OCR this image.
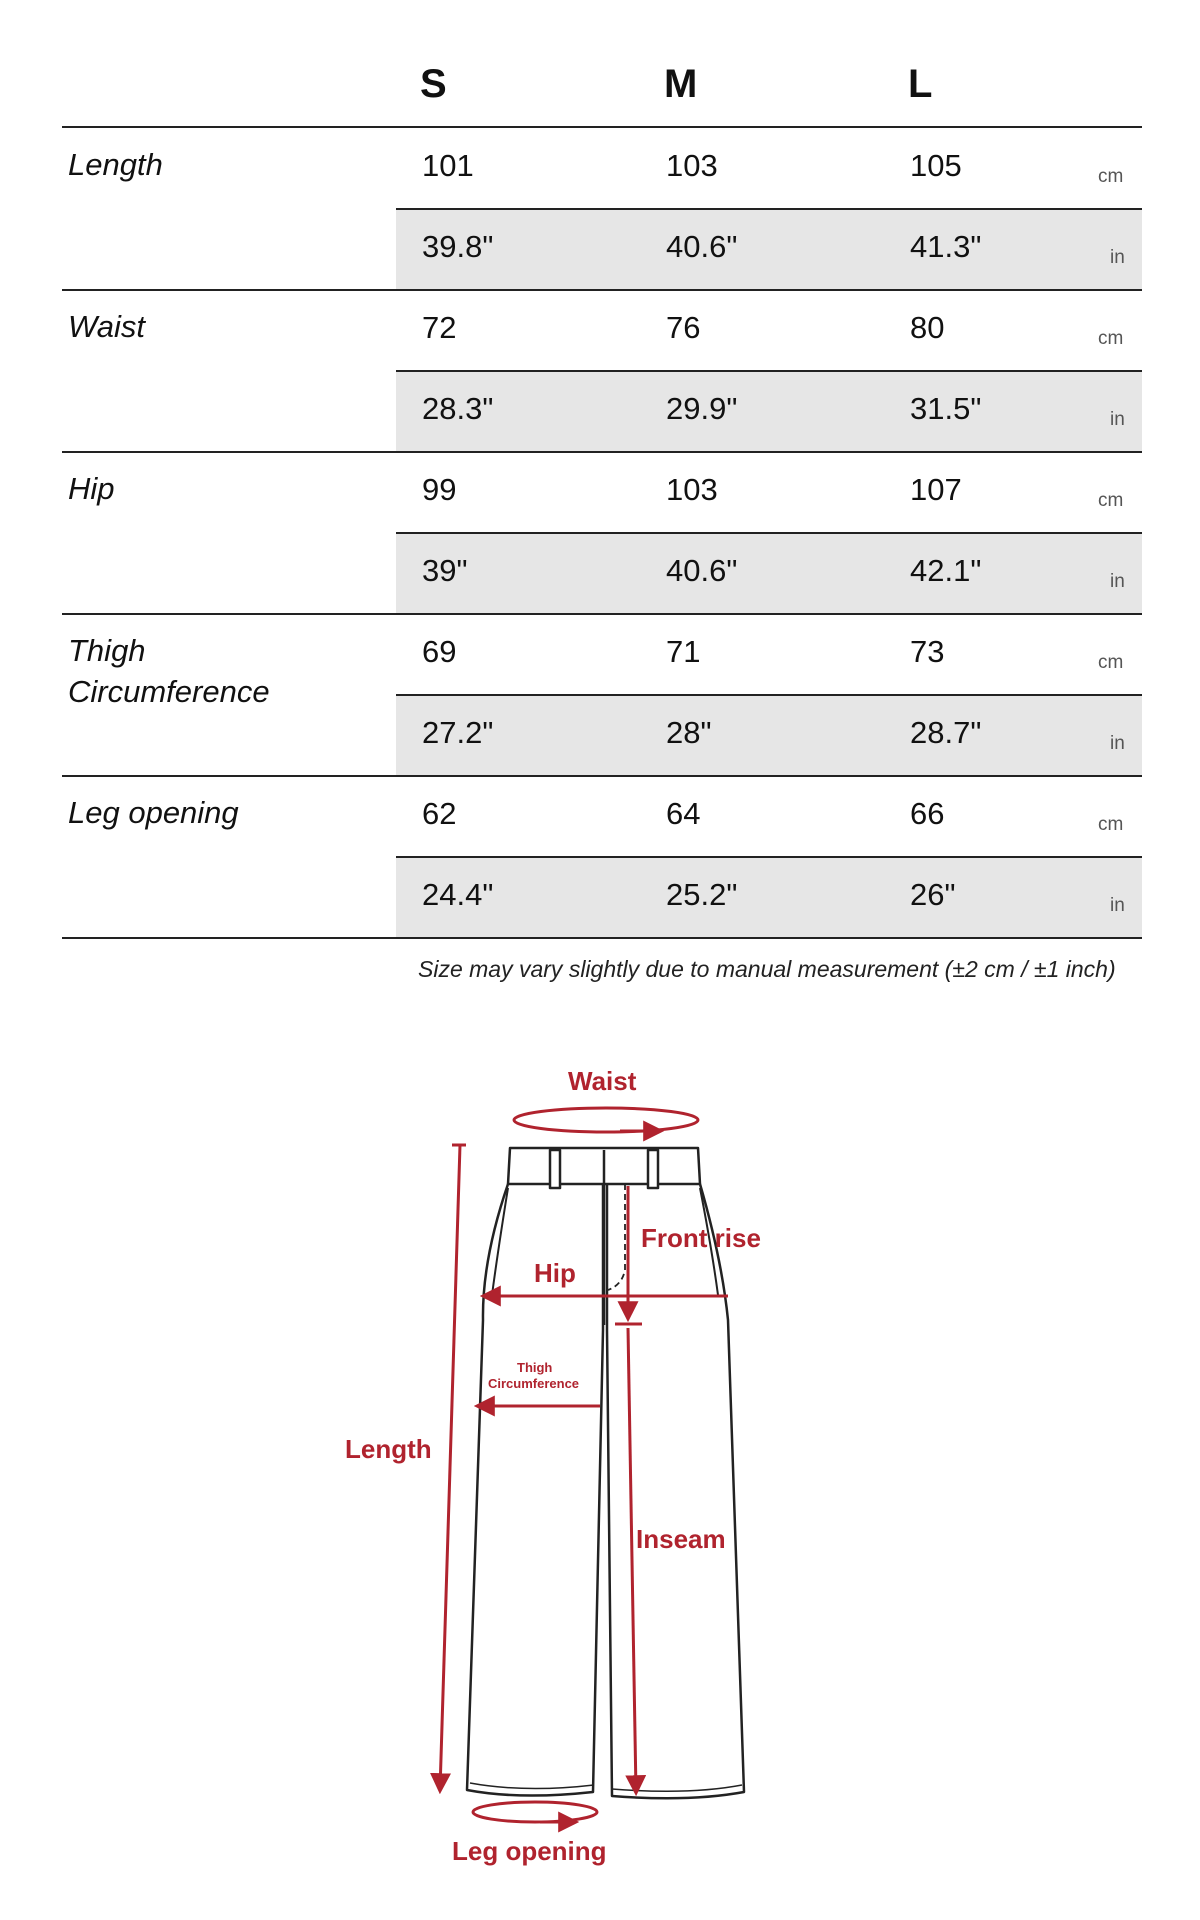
S	M	L
Length	101	103	105	cm
39.8"	40.6"	41.3"	in
Waist	72	76	80	cm
28.3"	29.9"	31.5"	in
Hip	99	103	107	cm
39"	40.6"	42.1"	in
Thigh
Circumference
69	71	73	cm
27.2"	28"	28.7"	in
Leg opening	62	64	66	cm
24.4"	25.2"	26"	in
Size may vary slightly due to manual measurement (±2 cm / ±1 inch)
Waist
Front rise
Hip
Thigh
Circumference
Length
Inseam
Leg opening
